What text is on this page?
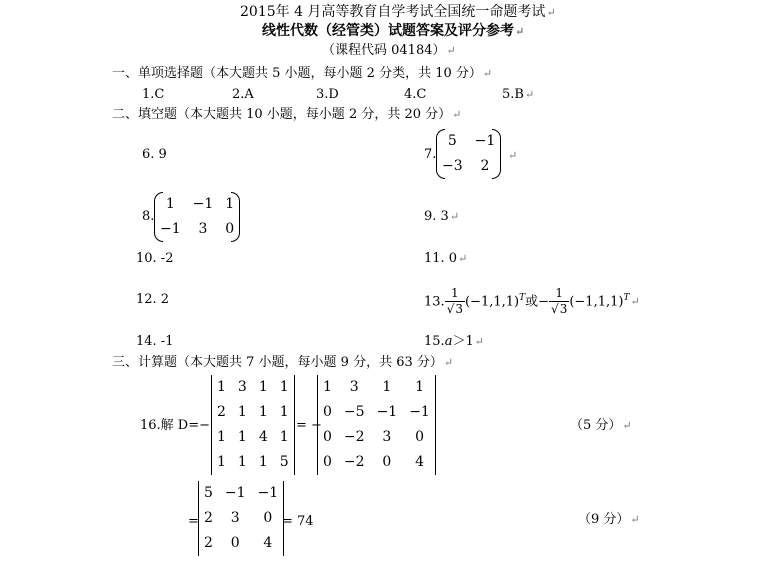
2015年 4 月高等教育自学考试全国统一命题考试↵
线性代数（经管类）试题答案及评分参考↵
（课程代码 04184）↵
一、单项选择题（本大题共 5 小题，每小题 2 分类，共 10 分）↵
1.C	2.A	3.D	4.C	5.B↵
二、填空题（本大题共 10 小题，每小题 2 分，共 20 分）↵
6. 9	7.
5	−1
−3	2
↵
8.
1	−1	1
−1	3	0
9. 3↵
10. -2	11. 0↵
12. 2	13. $\frac{1}{√3} (-1,1,1)^T$或− $\frac{1}{√3}$ $(-1,1,1)^T↵$
14. -1	15.a＞1↵
三、计算题（本大题共 7 小题，每小题 9 分，共 63 分）↵
16.解 D=−
1	3	1	1
2	1	1	1
1	1	4	1
1	1	1	5
= −
1	3	1	1
0	−5	−1	−1
0	−2	3	0
0	−2	0	4
（5 分）↵
=
5	−1	−1
2	3	0
2	0	4
= 74	（9 分）↵
